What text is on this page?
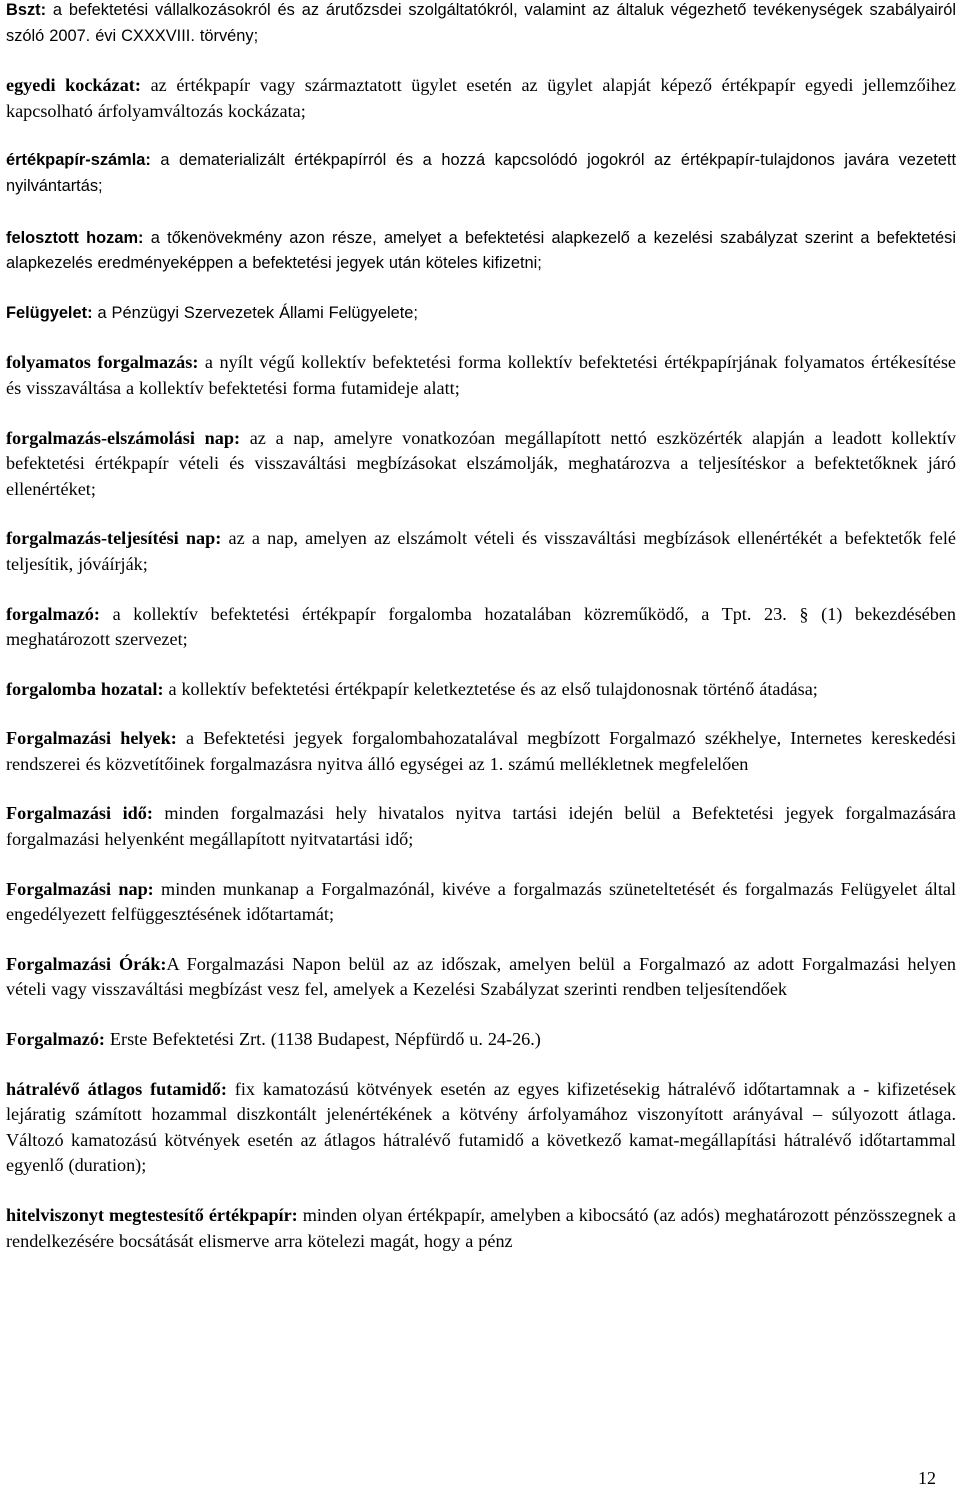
Bszt: a befektetési vállalkozásokról és az árutőzsdei szolgáltatókról, valamint az általuk végezhető tevékenységek szabályairól szóló 2007. évi CXXXVIII. törvény;

egyedi kockázat: az értékpapír vagy származtatott ügylet esetén az ügylet alapját képező értékpapír egyedi jellemzőihez kapcsolható árfolyamváltozás kockázata;

értékpapír-számla: a dematerializált értékpapírról és a hozzá kapcsolódó jogokról az értékpapír-tulajdonos javára vezetett nyilvántartás;

felosztott hozam: a tőkenövekmény azon része, amelyet a befektetési alapkezelő a kezelési szabályzat szerint a befektetési alapkezelés eredményeképpen a befektetési jegyek után köteles kifizetni;

Felügyelet: a Pénzügyi Szervezetek Állami Felügyelete;

folyamatos forgalmazás: a nyílt végű kollektív befektetési forma kollektív befektetési értékpapírjának folyamatos értékesítése és visszaváltása a kollektív befektetési forma futamideje alatt;

forgalmazás-elszámolási nap: az a nap, amelyre vonatkozóan megállapított nettó eszközérték alapján a leadott kollektív befektetési értékpapír vételi és visszaváltási megbízásokat elszámolják, meghatározva a teljesítéskor a befektetőknek járó ellenértéket;

forgalmazás-teljesítési nap: az a nap, amelyen az elszámolt vételi és visszaváltási megbízások ellenértékét a befektetők felé teljesítik, jóváírják;

forgalmazó: a kollektív befektetési értékpapír forgalomba hozatalában közreműködő, a Tpt. 23. § (1) bekezdésében meghatározott szervezet;

forgalomba hozatal: a kollektív befektetési értékpapír keletkeztetése és az első tulajdonosnak történő átadása;

Forgalmazási helyek: a Befektetési jegyek forgalombahozatalával megbízott Forgalmazó székhelye, Internetes kereskedési rendszerei és közvetítőinek forgalmazásra nyitva álló egységei az 1. számú mellékletnek megfelelően

Forgalmazási idő: minden forgalmazási hely hivatalos nyitva tartási idején belül a Befektetési jegyek forgalmazására forgalmazási helyenként megállapított nyitvatartási idő;

Forgalmazási nap: minden munkanap a Forgalmazónál, kivéve a forgalmazás szüneteltetését és forgalmazás Felügyelet által engedélyezett felfüggesztésének időtartamát;

Forgalmazási Órák:A Forgalmazási Napon belül az az időszak, amelyen belül a Forgalmazó az adott Forgalmazási helyen vételi vagy visszaváltási megbízást vesz fel, amelyek a Kezelési Szabályzat szerinti rendben teljesítendőek

Forgalmazó: Erste Befektetési Zrt. (1138 Budapest, Népfürdő u. 24-26.)

hátralévő átlagos futamidő: fix kamatozású kötvények esetén az egyes kifizetésekig hátralévő időtartamnak a - kifizetések lejáratig számított hozammal diszkontált jelenértékének a kötvény árfolyamához viszonyított arányával – súlyozott átlaga. Változó kamatozású kötvények esetén az átlagos hátralévő futamidő a következő kamat-megállapítási hátralévő időtartammal egyenlő (duration);

hitelviszonyt megtestesítő értékpapír: minden olyan értékpapír, amelyben a kibocsátó (az adós) meghatározott pénzösszegnek a rendelkezésére bocsátását elismerve arra kötelezi magát, hogy a pénz

12
